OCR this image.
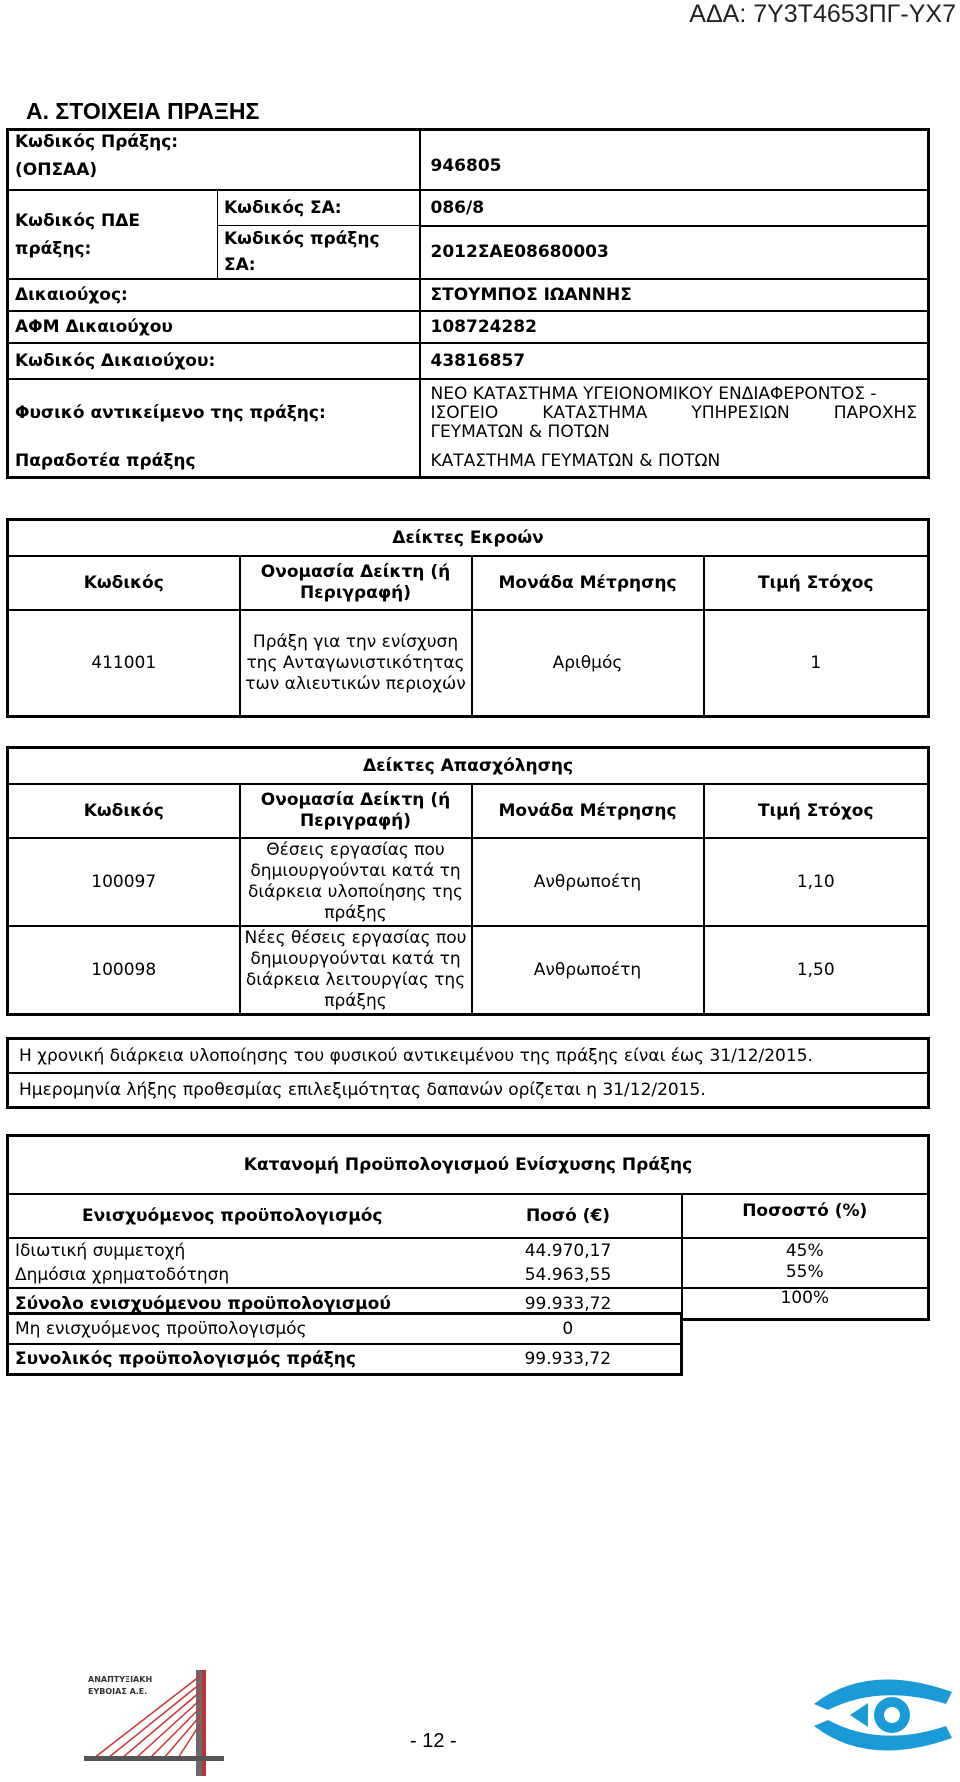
ΑΔΑ: 7Υ3Τ4653ΠΓ-ΥΧ7
Α. ΣΤΟΙΧΕΙΑ ΠΡΑΞΗΣ
Κωδικός Πράξης:
(ΟΠΣΑΑ)		946805

Κωδικός ΠΔΕ
πράξης:	Κωδικός ΣΑ:	086/8

	Κωδικός πράξης
ΣΑ:	2012ΣΑΕ08680003
Δικαιούχος:		ΣΤΟΥΜΠΟΣ ΙΩΑΝΝΗΣ
ΑΦΜ Δικαιούχου		108724282
Κωδικός Δικαιούχου:		43816857
Φυσικό αντικείμενο της πράξης:		ΝΕΟ ΚΑΤΑΣΤΗΜΑ ΥΓΕΙΟΝΟΜΙΚΟΥ ΕΝΔΙΑΦΕΡΟΝΤΟΣ -
ΙΣΟΓΕΙΟ ΚΑΤΑΣΤΗΜΑ ΥΠΗΡΕΣΙΩΝ ΠΑΡΟΧΗΣ
ΓΕΥΜΑΤΩΝ & ΠΟΤΩΝ

Παραδοτέα πράξης		ΚΑΤΑΣΤΗΜΑ ΓΕΥΜΑΤΩΝ & ΠΟΤΩΝ
Δείκτες Εκροών			
Κωδικός	Ονομασία Δείκτη (ή Περιγραφή)	Μονάδα Μέτρησης	Τιμή Στόχος
411001	Πράξη για την ενίσχυση της Ανταγωνιστικότητας των αλιευτικών περιοχών	Αριθμός	1
Δείκτες Απασχόλησης			
Κωδικός	Ονομασία Δείκτη (ή Περιγραφή)	Μονάδα Μέτρησης	Τιμή Στόχος
100097	Θέσεις εργασίας που δημιουργούνται κατά τη διάρκεια υλοποίησης της πράξης	Ανθρωποέτη	1,10
100098	Νέες θέσεις εργασίας που δημιουργούνται κατά τη διάρκεια λειτουργίας της πράξης	Ανθρωποέτη	1,50
Η χρονική διάρκεια υλοποίησης του φυσικού αντικειμένου της πράξης είναι έως 31/12/2015.
Ημερομηνία λήξης προθεσμίας επιλεξιμότητας δαπανών ορίζεται η 31/12/2015.
Κατανομή Προϋπολογισμού Ενίσχυσης Πράξης		
Ενισχυόμενος προϋπολογισμός	Ποσό (€)	Ποσοστό (%)
Ιδιωτική συμμετοχή	44.970,17	45%
Δημόσια χρηματοδότηση	54.963,55	55%
Σύνολο ενισχυόμενου προϋπολογισμού	99.933,72	100%
Μη ενισχυόμενος προϋπολογισμός	0
Συνολικός προϋπολογισμός πράξης	99.933,72
ΑΝΑΠΤΥΞΙΑΚΗ
ΕΥΒΟΙΑΣ Α.Ε.
- 12 -
